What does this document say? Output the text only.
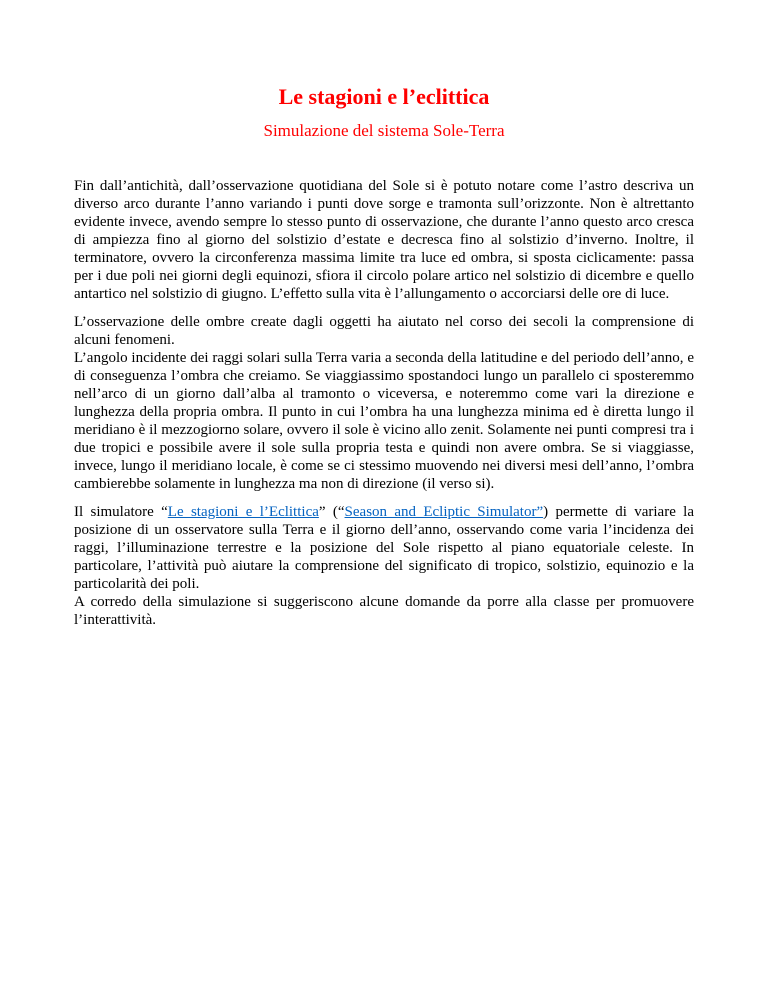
Le stagioni e l’eclittica
Simulazione del sistema Sole-Terra

Fin dall’antichità, dall’osservazione quotidiana del Sole si è potuto notare come l’astro descriva un diverso arco durante l’anno variando i punti dove sorge e tramonta sull’orizzonte. Non è altrettanto evidente invece, avendo sempre lo stesso punto di osservazione, che durante l’anno questo arco cresca di ampiezza fino al giorno del solstizio d’estate e decresca fino al solstizio d’inverno. Inoltre, il terminatore, ovvero la circonferenza massima limite tra luce ed ombra, si sposta ciclicamente: passa per i due poli nei giorni degli equinozi, sfiora il circolo polare artico nel solstizio di dicembre e quello antartico nel solstizio di giugno. L’effetto sulla vita è l’allungamento o accorciarsi delle ore di luce.

L’osservazione delle ombre create dagli oggetti ha aiutato nel corso dei secoli la comprensione di alcuni fenomeni.
L’angolo incidente dei raggi solari sulla Terra varia a seconda della latitudine e del periodo dell’anno, e di conseguenza l’ombra che creiamo. Se viaggiassimo spostandoci lungo un parallelo ci sposteremmo nell’arco di un giorno dall’alba al tramonto o viceversa, e noteremmo come vari la direzione e lunghezza della propria ombra. Il punto in cui l’ombra ha una lunghezza minima ed è diretta lungo il meridiano è il mezzogiorno solare, ovvero il sole è vicino allo zenit. Solamente nei punti compresi tra i due tropici e possibile avere il sole sulla propria testa e quindi non avere ombra. Se si viaggiasse, invece, lungo il meridiano locale, è come se ci stessimo muovendo nei diversi mesi dell’anno, l’ombra cambierebbe solamente in lunghezza ma non di direzione (il verso si).

Il simulatore “Le stagioni e l’Eclittica” (“Season and Ecliptic Simulator”) permette di variare la posizione di un osservatore sulla Terra e il giorno dell’anno, osservando come varia l’incidenza dei raggi, l’illuminazione terrestre e la posizione del Sole rispetto al piano equatoriale celeste. In particolare, l’attività può aiutare la comprensione del significato di tropico, solstizio, equinozio e la particolarità dei poli.
A corredo della simulazione si suggeriscono alcune domande da porre alla classe per promuovere l’interattività.
